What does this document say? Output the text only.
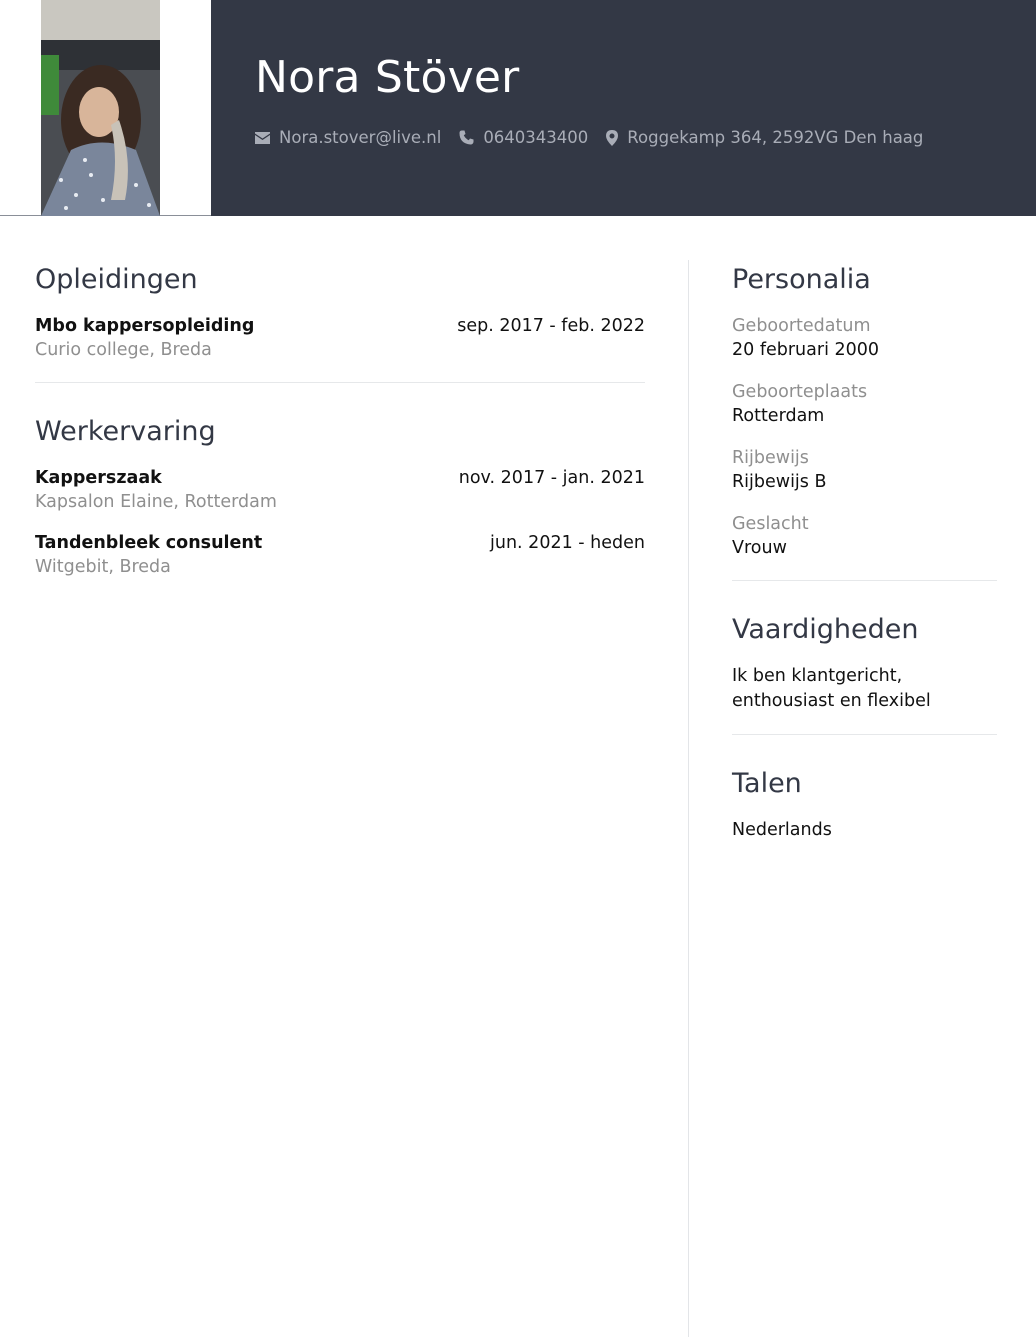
Nora Stöver
Nora.stover@live.nl	0640343400 Roggekamp 364, 2592VG Den haag
Opleidingen
Mbo kappersopleiding	sep. 2017 - feb. 2022
Curio college, Breda
Werkervaring
Kapperszaak	nov. 2017 - jan. 2021
Kapsalon Elaine, Rotterdam
Tandenbleek consulent	jun. 2021 - heden
Witgebit, Breda
Personalia
Geboortedatum
20 februari 2000
Geboorteplaats
Rotterdam
Rijbewijs
Rijbewijs B
Geslacht
Vrouw
Vaardigheden
Ik ben klantgericht, enthousiast en flexibel
Talen
Nederlands
